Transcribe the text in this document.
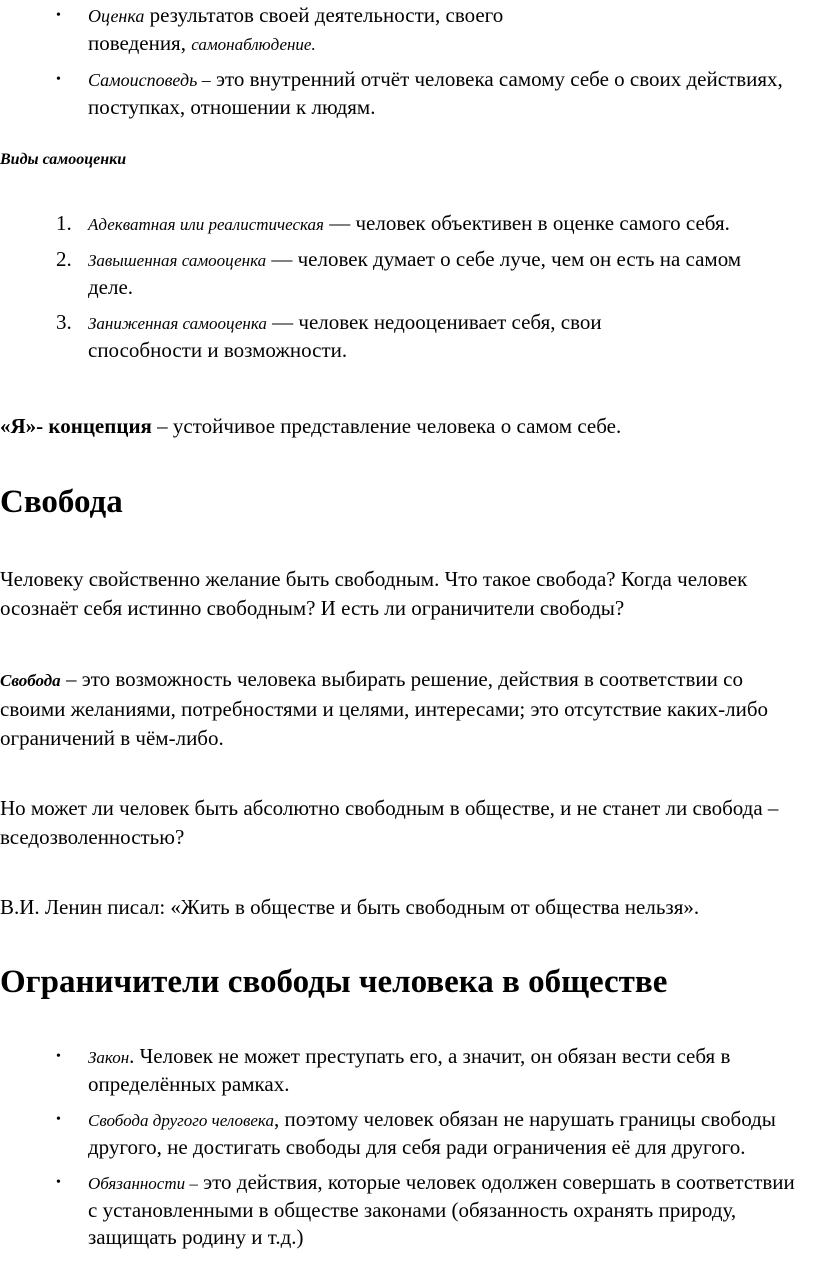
• Оценка результатов своей деятельности, своего поведения, самонаблюдение.
• Самоисповедь – это внутренний отчёт человека самому себе о своих действиях, поступках, отношении к людям.
Виды самооценки
1. Адекватная или реалистическая — человек объективен в оценке самого себя.
2. Завышенная самооценка — человек думает о себе луче, чем он есть на самом деле.
3. Заниженная самооценка — человек недооценивает себя, свои способности и возможности.
«Я»- концепция – устойчивое представление человека о самом себе.
Свобода
Человеку свойственно желание быть свободным. Что такое свобода? Когда человек осознаёт себя истинно свободным? И есть ли ограничители свободы?
Свобода – это возможность человека выбирать решение, действия в соответствии со своими желаниями, потребностями и целями, интересами; это отсутствие каких-либо ограничений в чём-либо.
Но может ли человек быть абсолютно свободным в обществе, и не станет ли свобода – вседозволенностью?
В.И. Ленин писал: «Жить в обществе и быть свободным от общества нельзя».
Ограничители свободы человека в обществе
• Закон. Человек не может преступать его, а значит, он обязан вести себя в определённых рамках.
• Свобода другого человека, поэтому человек обязан не нарушать границы свободы другого, не достигать свободы для себя ради ограничения её для другого.
• Обязанности – это действия, которые человек одолжен совершать в соответствии с установленными в обществе законами (обязанность охранять природу, защищать родину и т.д.)
